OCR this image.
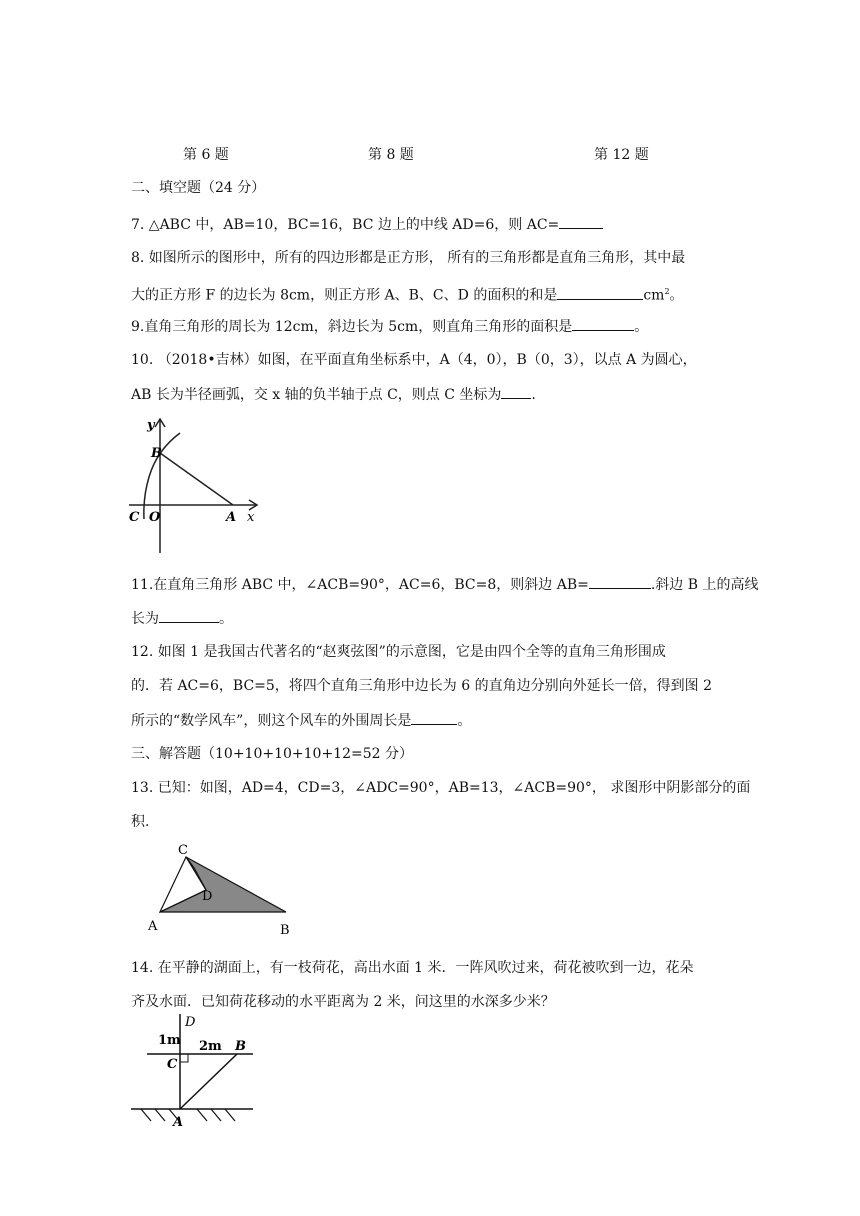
第 6 题	第 8 题	第 12 题
二、填空题（24 分）
7. △ABC 中，AB=10，BC=16，BC 边上的中线 AD=6，则 AC=
8. 如图所示的图形中，所有的四边形都是正方形， 所有的三角形都是直角三角形，其中最
大的正方形 F 的边长为 8cm，则正方形 A、B、C、D 的面积的和是	$cm^2$。
9.直角三角形的周长为 12cm，斜边长为 5cm，则直角三角形的面积是	。
10. （2018•吉林）如图，在平面直角坐标系中，A（4，0），B（0，3），以点 A 为圆心，
AB 长为半径画弧，交 x 轴的负半轴于点 C，则点 C 坐标为 .
y
B
C O	A x
11.在直角三角形 ABC 中，∠ACB=90°，AC=6，BC=8，则斜边 AB=	.斜边 B 上的高线
长为	。
12. 如图 1 是我国古代著名的“赵爽弦图”的示意图，它是由四个全等的直角三角形围成
的．若 AC=6，BC=5，将四个直角三角形中边长为 6 的直角边分别向外延长一倍，得到图 2
所示的“数学风车”，则这个风车的外围周长是	。
三、解答题（10+10+10+10+12=52 分）
13. 已知：如图，AD=4，CD=3，∠ADC=90°，AB=13，∠ACB=90°， 求图形中阴影部分的面
积.
C
D
A	B
14. 在平静的湖面上，有一枝荷花，高出水面 1 米．一阵风吹过来，荷花被吹到一边，花朵
齐及水面．已知荷花移动的水平距离为 2 米，问这里的水深多少米？
D
1m
C
2m B
A
